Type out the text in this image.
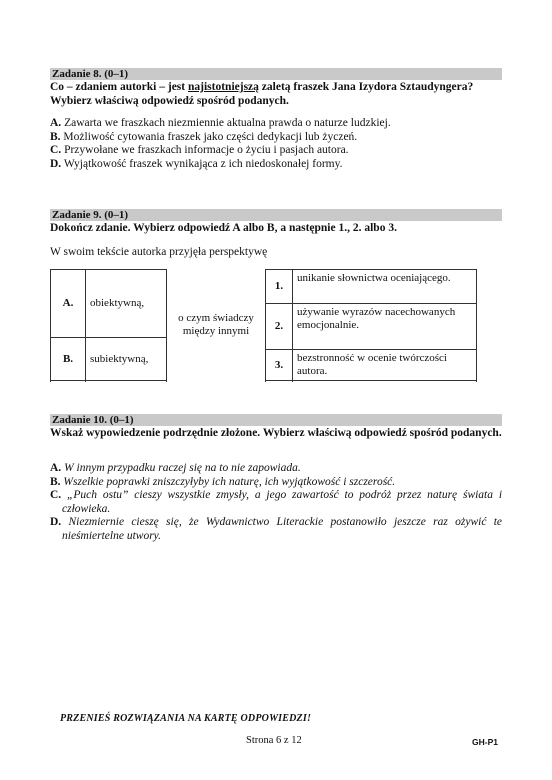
Zadanie 8. (0–1)
Co – zdaniem autorki – jest najistotniejszą zaletą fraszek Jana Izydora Sztaudyngera?
Wybierz właściwą odpowiedź spośród podanych.
A. Zawarta we fraszkach niezmiennie aktualna prawda o naturze ludzkiej.
B. Możliwość cytowania fraszek jako części dedykacji lub życzeń.
C. Przywołane we fraszkach informacje o życiu i pasjach autora.
D. Wyjątkowość fraszek wynikająca z ich niedoskonałej formy.
Zadanie 9. (0–1)
Dokończ zdanie. Wybierz odpowiedź A albo B, a następnie 1., 2. albo 3.
W swoim tekście autorka przyjęła perspektywę
A.	obiektywną,	o czym świadczy między innymi	1.	unikanie słownictwa oceniającego.

			2.	używanie wyrazów nacechowanych emocjonalnie.
B.	subiektywną,			
			3.	bezstronność w ocenie twórczości autora.

Zadanie 10. (0–1)
Wskaż wypowiedzenie podrzędnie złożone. Wybierz właściwą odpowiedź spośród podanych.
A. W innym przypadku raczej się na to nie zapowiada.
B. Wszelkie poprawki zniszczyłyby ich naturę, ich wyjątkowość i szczerość.
C. „Puch ostu” cieszy wszystkie zmysły, a jego zawartość to podróż przez naturę świata i człowieka.
D. Niezmiernie cieszę się, że Wydawnictwo Literackie postanowiło jeszcze raz ożywić te nieśmiertelne utwory.
PRZENIEŚ ROZWIĄZANIA NA KARTĘ ODPOWIEDZI!
Strona 6 z 12	GH-P1
